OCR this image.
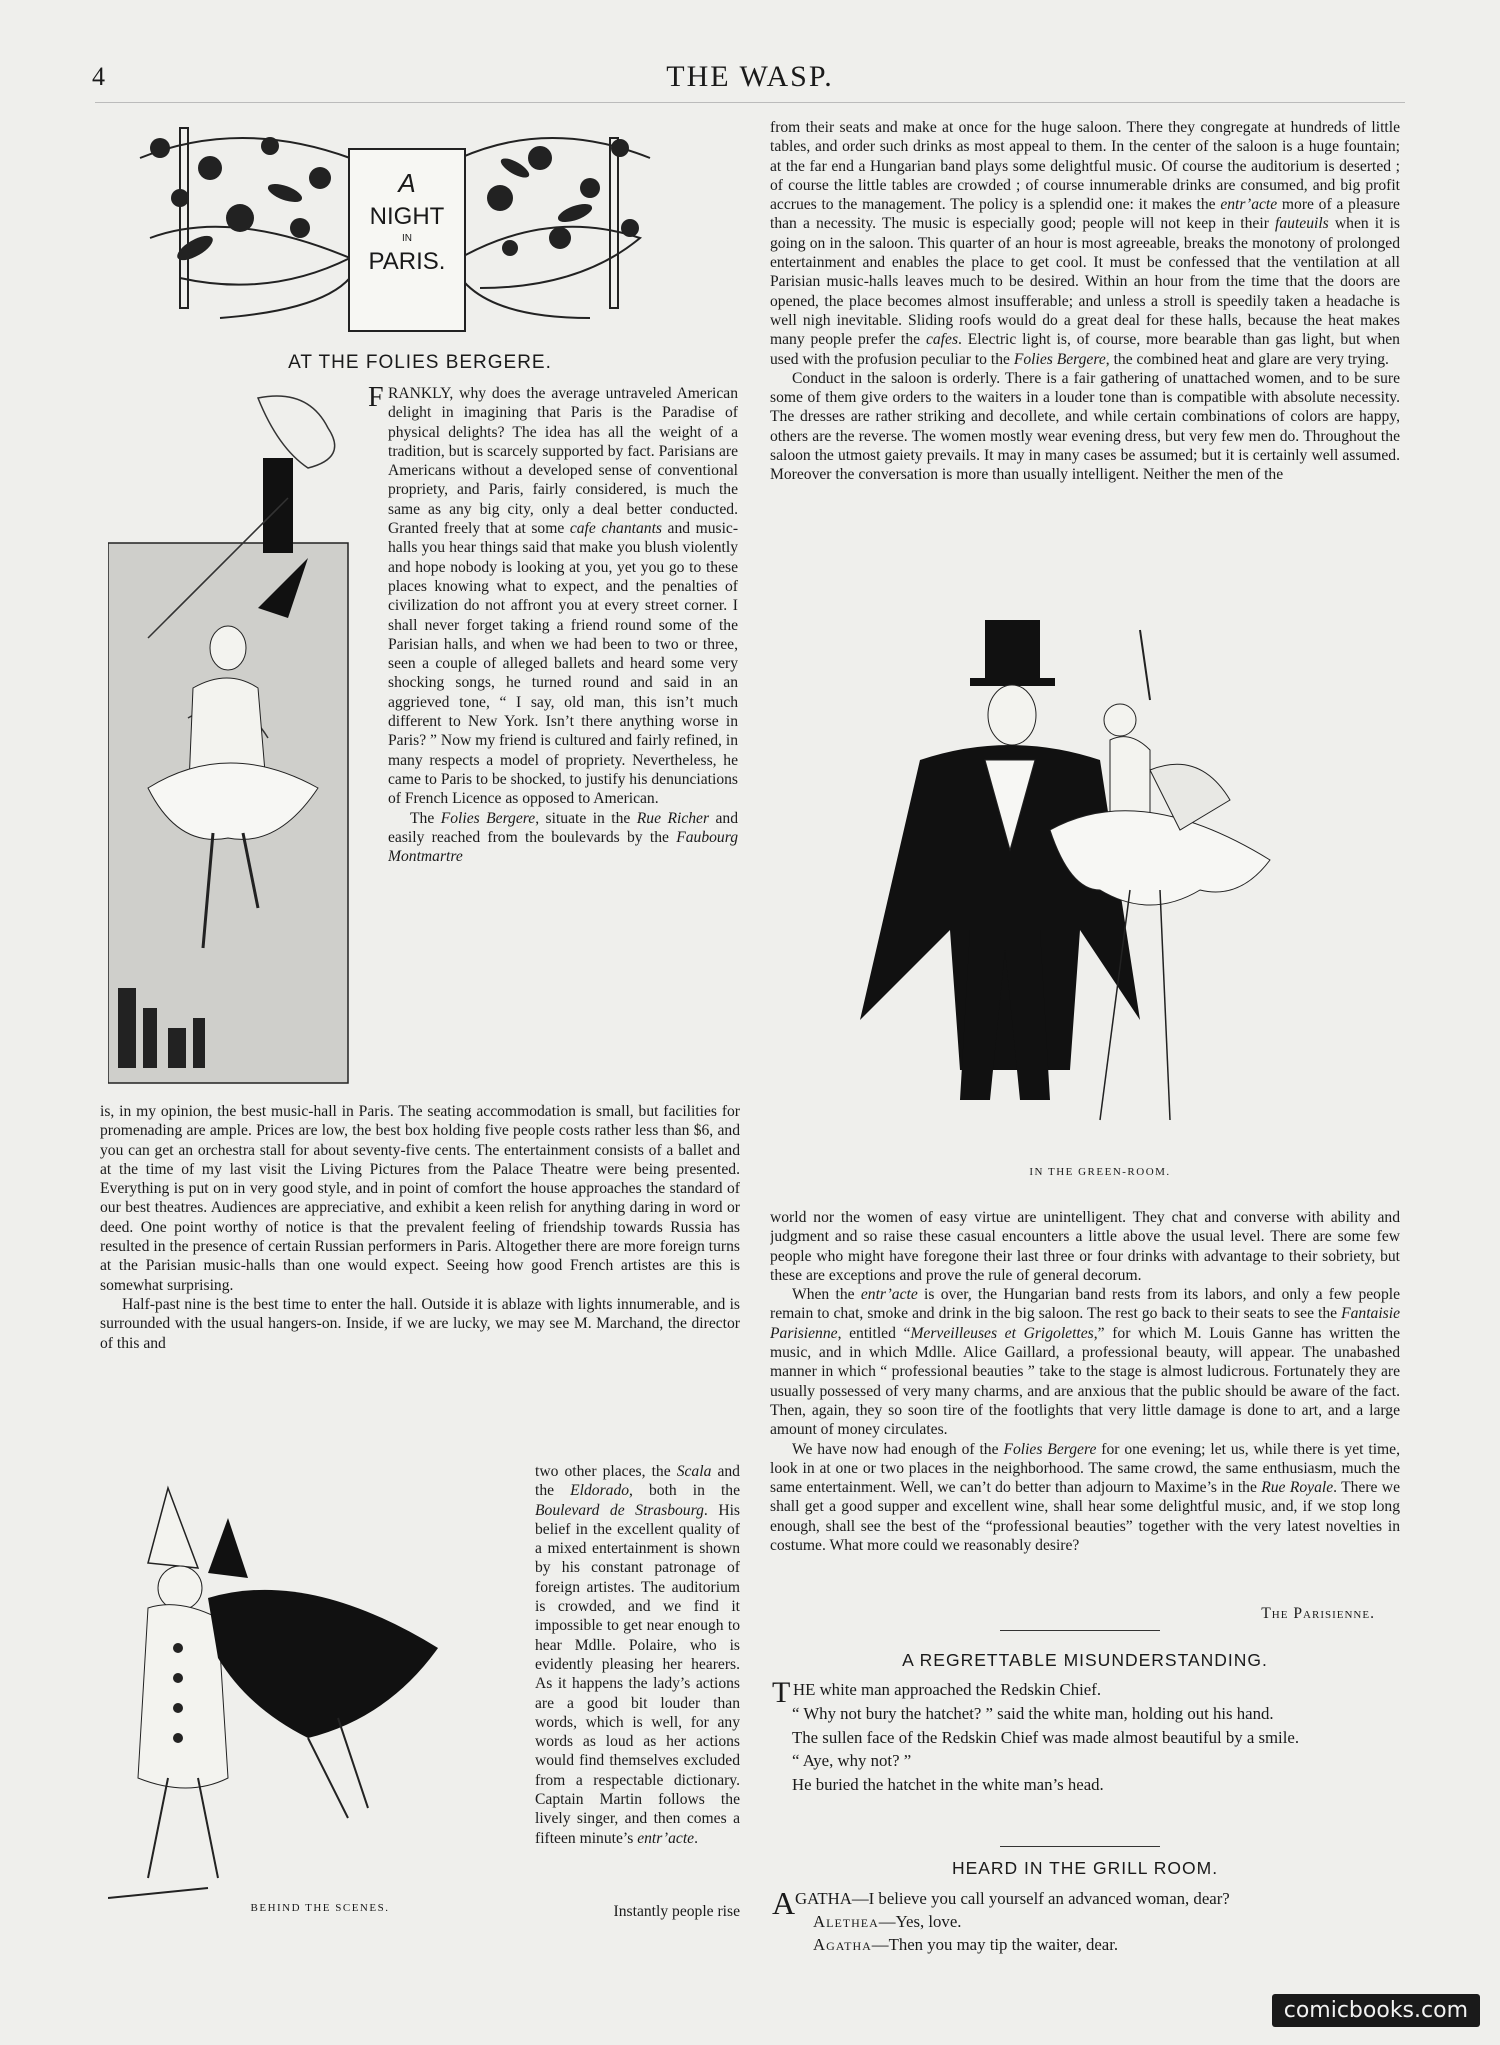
4	THE WASP.
A
NIGHT
IN
PARIS.
AT THE FOLIES BERGERE.
F RANKLY, why does the average untraveled American delight in imagining that Paris is the Paradise of physical delights? The idea has all the weight of a tradition, but is scarcely supported by fact. Parisians are Americans without a developed sense of conventional propriety, and Paris, fairly considered, is much the same as any big city, only a deal better conducted. Granted freely that at some cafe chantants and music-halls you hear things said that make you blush violently and hope nobody is looking at you, yet you go to these places knowing what to expect, and the penalties of civilization do not affront you at every street corner. I shall never forget taking a friend round some of the Parisian halls, and when we had been to two or three, seen a couple of alleged ballets and heard some very shocking songs, he turned round and said in an aggrieved tone, “ I say, old man, this isn’t much different to New York. Isn’t there anything worse in Paris? ” Now my friend is cultured and fairly refined, in many respects a model of propriety. Nevertheless, he came to Paris to be shocked, to justify his denunciations of French Licence as opposed to American.

The Folies Bergere, situate in the Rue Richer and easily reached from the boulevards by the Faubourg Montmartre

is, in my opinion, the best music-hall in Paris. The seating accommodation is small, but facilities for promenading are ample. Prices are low, the best box holding five people costs rather less than $6, and you can get an orchestra stall for about seventy-five cents. The entertainment consists of a ballet and at the time of my last visit the Living Pictures from the Palace Theatre were being presented. Everything is put on in very good style, and in point of comfort the house approaches the standard of our best theatres. Audiences are appreciative, and exhibit a keen relish for anything daring in word or deed. One point worthy of notice is that the prevalent feeling of friendship towards Russia has resulted in the presence of certain Russian performers in Paris. Altogether there are more foreign turns at the Parisian music-halls than one would expect. Seeing how good French artistes are this is somewhat surprising.

Half-past nine is the best time to enter the hall. Outside it is ablaze with lights innumerable, and is surrounded with the usual hangers-on. Inside, if we are lucky, we may see M. Marchand, the director of this and

BEHIND THE SCENES.

two other places, the Scala and the Eldorado, both in the Boulevard de Strasbourg. His belief in the excellent quality of a mixed entertainment is shown by his constant patronage of foreign artistes. The auditorium is crowded, and we find it impossible to get near enough to hear Mdlle. Polaire, who is evidently pleasing her hearers. As it happens the lady’s actions are a good bit louder than words, which is well, for any words as loud as her actions would find themselves excluded from a respectable dictionary. Captain Martin follows the lively singer, and then comes a fifteen minute’s entr’acte.

Instantly people rise

from their seats and make at once for the huge saloon. There they congregate at hundreds of little tables, and order such drinks as most appeal to them. In the center of the saloon is a huge fountain; at the far end a Hungarian band plays some delightful music. Of course the auditorium is deserted ; of course the little tables are crowded ; of course innumerable drinks are consumed, and big profit accrues to the management. The policy is a splendid one: it makes the entr’acte more of a pleasure than a necessity. The music is especially good; people will not keep in their fauteuils when it is going on in the saloon. This quarter of an hour is most agreeable, breaks the monotony of prolonged entertainment and enables the place to get cool. It must be confessed that the ventilation at all Parisian music-halls leaves much to be desired. Within an hour from the time that the doors are opened, the place becomes almost insufferable; and unless a stroll is speedily taken a headache is well nigh inevitable. Sliding roofs would do a great deal for these halls, because the heat makes many people prefer the cafes. Electric light is, of course, more bearable than gas light, but when used with the profusion peculiar to the Folies Bergere, the combined heat and glare are very trying.

Conduct in the saloon is orderly. There is a fair gathering of unattached women, and to be sure some of them give orders to the waiters in a louder tone than is compatible with absolute necessity. The dresses are rather striking and decollete, and while certain combinations of colors are happy, others are the reverse. The women mostly wear evening dress, but very few men do. Throughout the saloon the utmost gaiety prevails. It may in many cases be assumed; but it is certainly well assumed. Moreover the conversation is more than usually intelligent. Neither the men of the

IN THE GREEN-ROOM.

world nor the women of easy virtue are unintelligent. They chat and converse with ability and judgment and so raise these casual encounters a little above the usual level. There are some few people who might have foregone their last three or four drinks with advantage to their sobriety, but these are exceptions and prove the rule of general decorum.

When the entr’acte is over, the Hungarian band rests from its labors, and only a few people remain to chat, smoke and drink in the big saloon. The rest go back to their seats to see the Fantaisie Parisienne, entitled “Merveilleuses et Grigolettes,” for which M. Louis Ganne has written the music, and in which Mdlle. Alice Gaillard, a professional beauty, will appear. The unabashed manner in which “ professional beauties ” take to the stage is almost ludicrous. Fortunately they are usually possessed of very many charms, and are anxious that the public should be aware of the fact. Then, again, they so soon tire of the footlights that very little damage is done to art, and a large amount of money circulates.

We have now had enough of the Folies Bergere for one evening; let us, while there is yet time, look in at one or two places in the neighborhood. The same crowd, the same enthusiasm, much the same entertainment. Well, we can’t do better than adjourn to Maxime’s in the Rue Royale. There we shall get a good supper and excellent wine, shall hear some delightful music, and, if we stop long enough, shall see the best of the “professional beauties” together with the very latest novelties in costume. What more could we reasonably desire?

The Parisienne.
A REGRETTABLE MISUNDERSTANDING.
T HE white man approached the Redskin Chief.

“ Why not bury the hatchet? ” said the white man, holding out his hand.

The sullen face of the Redskin Chief was made almost beautiful by a smile.

“ Aye, why not? ”

He buried the hatchet in the white man’s head.

HEARD IN THE GRILL ROOM.
A GATHA—I believe you call yourself an advanced woman, dear?

Alethea—Yes, love.

Agatha—Then you may tip the waiter, dear.

comicbooks.com
